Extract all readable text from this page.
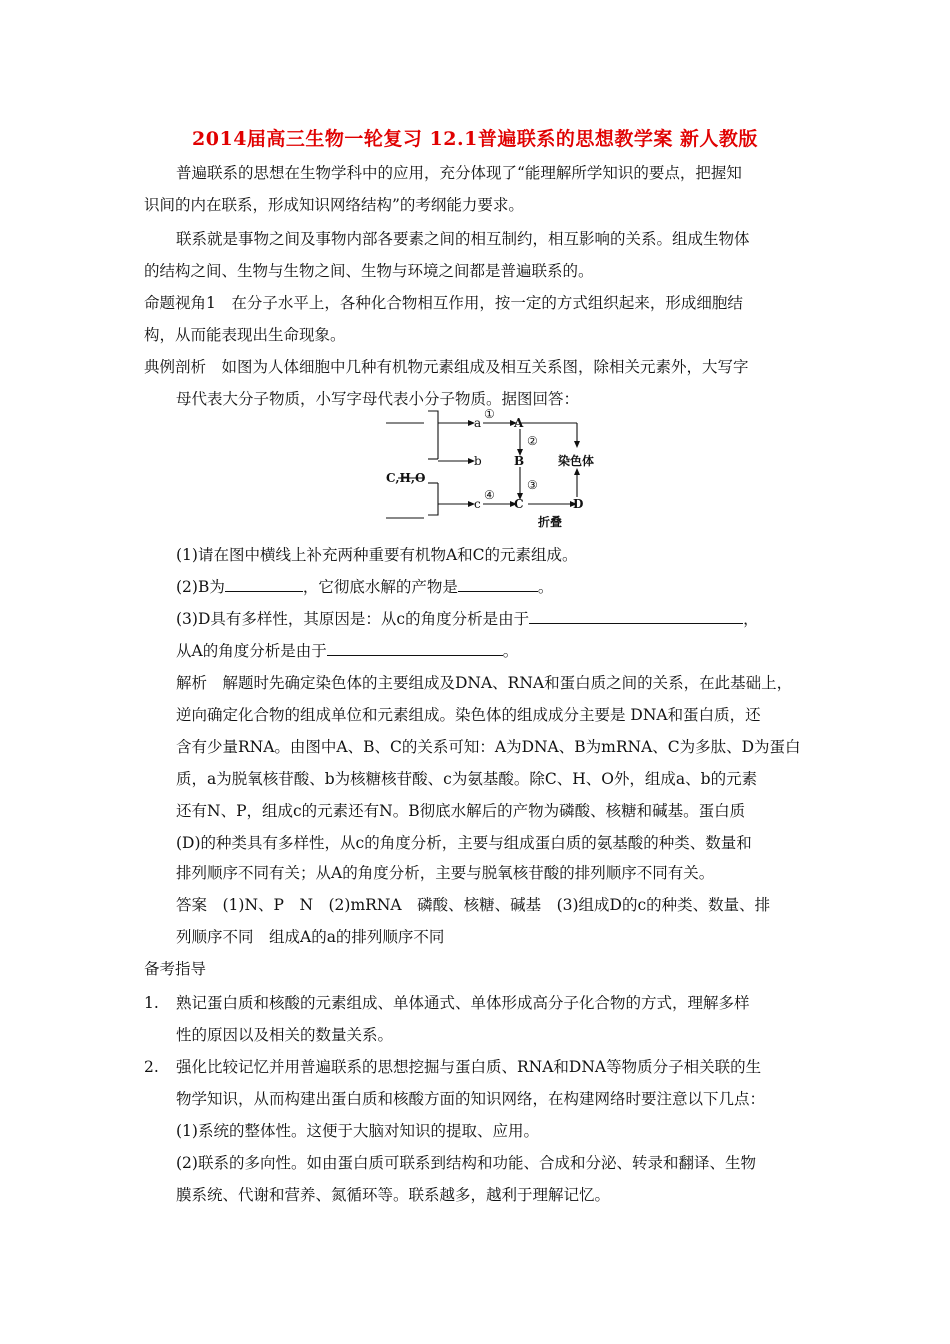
2014届高三生物一轮复习 12.1普遍联系的思想教学案 新人教版
普遍联系的思想在生物学科中的应用，充分体现了“能理解所学知识的要点，把握知
识间的内在联系，形成知识网络结构”的考纲能力要求。
联系就是事物之间及事物内部各要素之间的相互制约，相互影响的关系。组成生物体
的结构之间、生物与生物之间、生物与环境之间都是普遍联系的。
命题视角1　在分子水平上，各种化合物相互作用，按一定的方式组织起来，形成细胞结
构，从而能表现出生命现象。
典例剖析　如图为人体细胞中几种有机物元素组成及相互关系图，除相关元素外，大写字
母代表大分子物质，小写字母代表小分子物质。据图回答：
C,H,O
a
b
c
A
B
C	D
①
②
③
④
染色体
折叠
(1)请在图中横线上补充两种重要有机物A和C的元素组成。
(2)B为	，它彻底水解的产物是	。
(3)D具有多样性，其原因是：从c的角度分析是由于	，
从A的角度分析是由于	。
解析　解题时先确定染色体的主要组成及DNA、RNA和蛋白质之间的关系，在此基础上，
逆向确定化合物的组成单位和元素组成。染色体的组成成分主要是 DNA和蛋白质，还
含有少量RNA。由图中A、B、C的关系可知：A为DNA、B为mRNA、C为多肽、D为蛋白
质，a为脱氧核苷酸、b为核糖核苷酸、c为氨基酸。除C、H、O外，组成a、b的元素
还有N、P，组成c的元素还有N。B彻底水解后的产物为磷酸、核糖和碱基。蛋白质
(D)的种类具有多样性，从c的角度分析，主要与组成蛋白质的氨基酸的种类、数量和
排列顺序不同有关；从A的角度分析，主要与脱氧核苷酸的排列顺序不同有关。
答案　(1)N、P　N　(2)mRNA　磷酸、核糖、碱基　(3)组成D的c的种类、数量、排
列顺序不同　组成A的a的排列顺序不同
备考指导
1. 熟记蛋白质和核酸的元素组成、单体通式、单体形成高分子化合物的方式，理解多样
性的原因以及相关的数量关系。
2. 强化比较记忆并用普遍联系的思想挖掘与蛋白质、RNA和DNA等物质分子相关联的生
物学知识，从而构建出蛋白质和核酸方面的知识网络，在构建网络时要注意以下几点：
(1)系统的整体性。这便于大脑对知识的提取、应用。
(2)联系的多向性。如由蛋白质可联系到结构和功能、合成和分泌、转录和翻译、生物
膜系统、代谢和营养、氮循环等。联系越多，越利于理解记忆。
